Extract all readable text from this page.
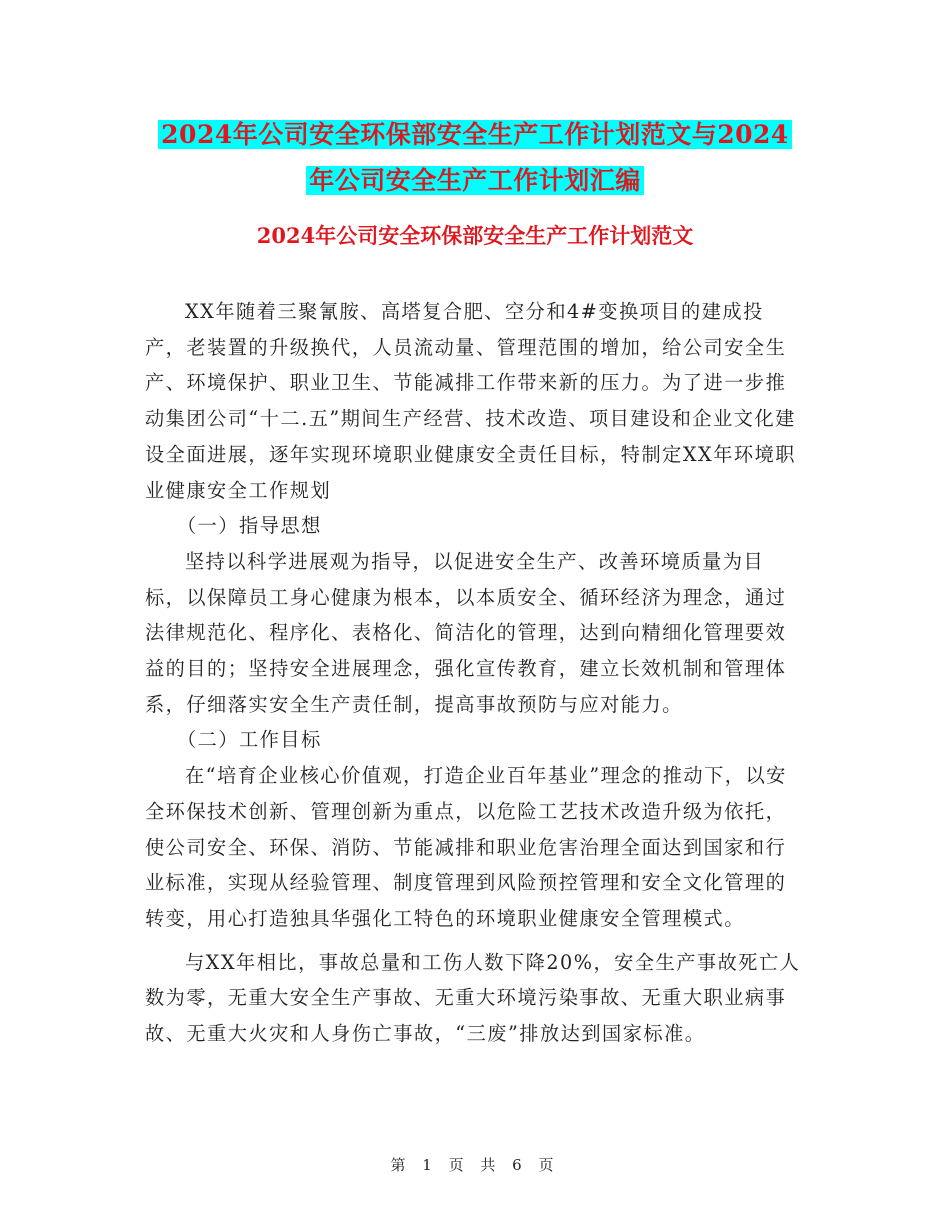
2024年公司安全环保部安全生产工作计划范文与2024
年公司安全生产工作计划汇编
2024年公司安全环保部安全生产工作计划范文

XX年随着三聚氰胺、高塔复合肥、空分和4#变换项目的建成投产，老装置的升级换代，人员流动量、管理范围的增加，给公司安全生产、环境保护、职业卫生、节能减排工作带来新的压力。为了进一步推动集团公司“十二.五”期间生产经营、技术改造、项目建设和企业文化建设全面进展，逐年实现环境职业健康安全责任目标，特制定XX年环境职业健康安全工作规划

（一）指导思想

坚持以科学进展观为指导，以促进安全生产、改善环境质量为目标，以保障员工身心健康为根本，以本质安全、循环经济为理念，通过法律规范化、程序化、表格化、简洁化的管理，达到向精细化管理要效益的目的；坚持安全进展理念，强化宣传教育，建立长效机制和管理体系，仔细落实安全生产责任制，提高事故预防与应对能力。

（二）工作目标

在“培育企业核心价值观，打造企业百年基业”理念的推动下，以安全环保技术创新、管理创新为重点，以危险工艺技术改造升级为依托，使公司安全、环保、消防、节能减排和职业危害治理全面达到国家和行业标准，实现从经验管理、制度管理到风险预控管理和安全文化管理的转变，用心打造独具华强化工特色的环境职业健康安全管理模式。

与XX年相比，事故总量和工伤人数下降20%，安全生产事故死亡人数为零，无重大安全生产事故、无重大环境污染事故、无重大职业病事故、无重大火灾和人身伤亡事故，“三废”排放达到国家标准。

第 1 页 共 6 页
